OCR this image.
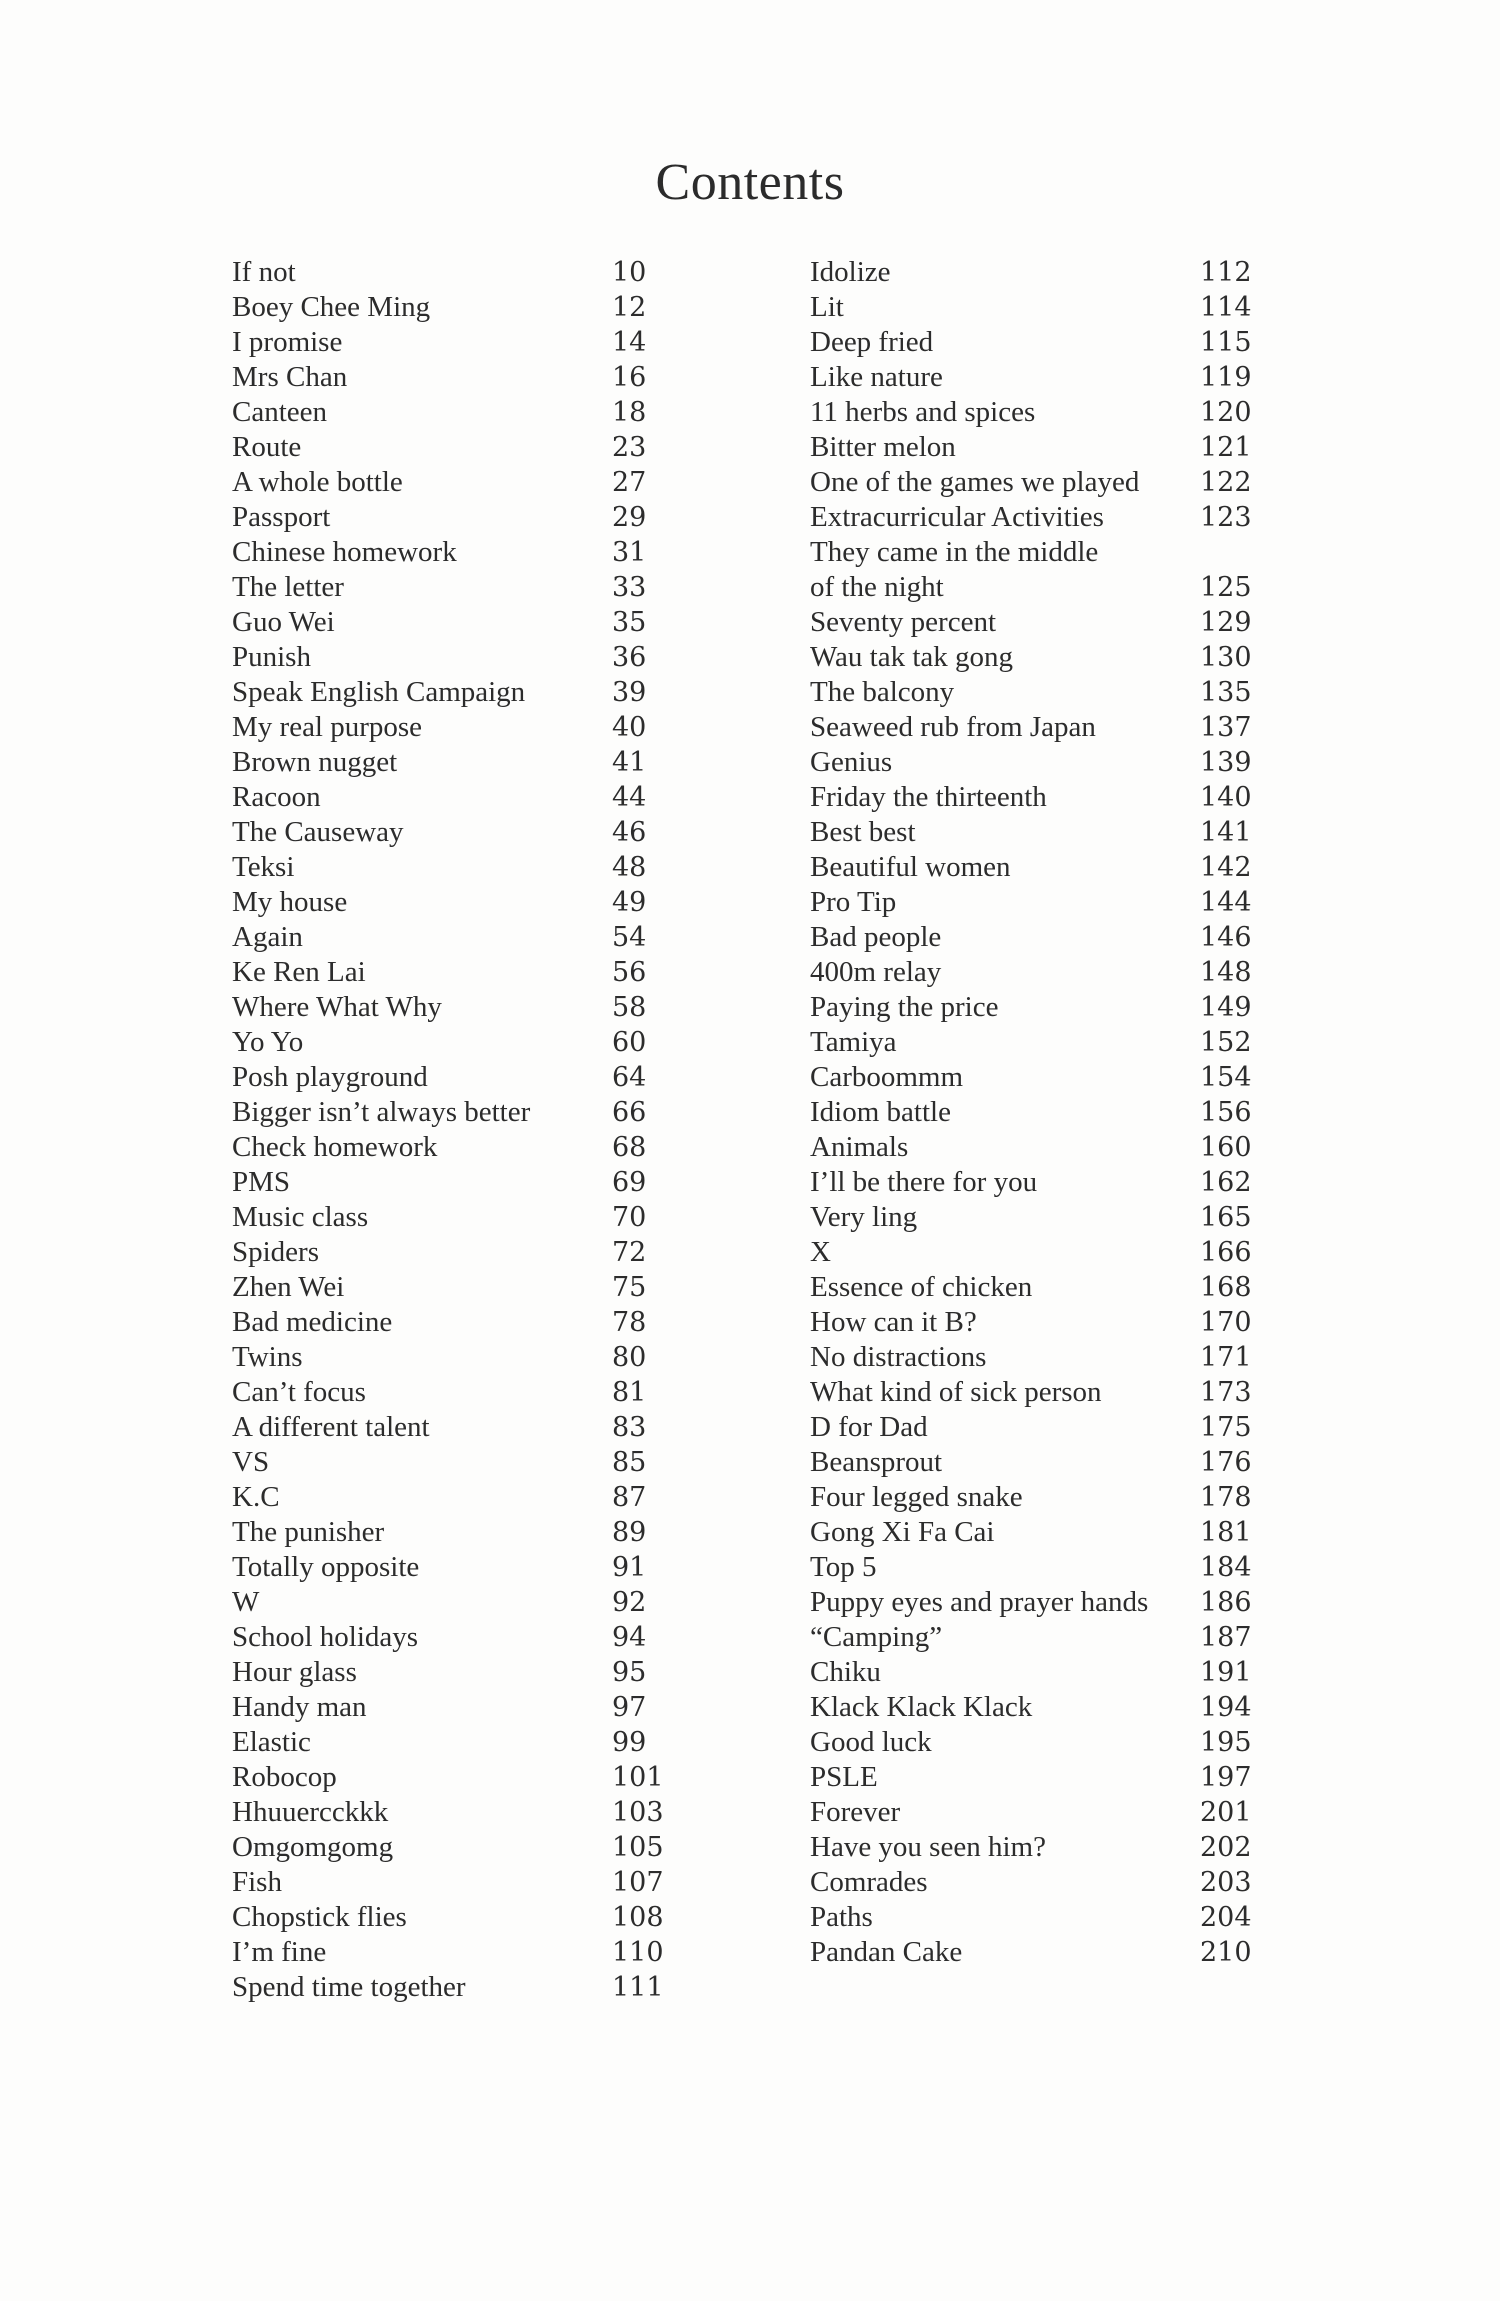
Contents
If not	10
Boey Chee Ming	12
I promise	14
Mrs Chan	16
Canteen	18
Route	23
A whole bottle	27
Passport	29
Chinese homework	31
The letter	33
Guo Wei	35
Punish	36
Speak English Campaign	39
My real purpose	40
Brown nugget	41
Racoon	44
The Causeway	46
Teksi	48
My house	49
Again	54
Ke Ren Lai	56
Where What Why	58
Yo Yo	60
Posh playground	64
Bigger isn’t always better	66
Check homework	68
PMS	69
Music class	70
Spiders	72
Zhen Wei	75
Bad medicine	78
Twins	80
Can’t focus	81
A different talent	83
VS	85
K.C	87
The punisher	89
Totally opposite	91
W	92
School holidays	94
Hour glass	95
Handy man	97
Elastic	99
Robocop	101
Hhuuercckkk	103
Omgomgomg	105
Fish	107
Chopstick flies	108
I’m fine	110
Spend time together	111
Idolize	112
Lit	114
Deep fried	115
Like nature	119
11 herbs and spices	120
Bitter melon	121
One of the games we played	122
Extracurricular Activities	123
They came in the middle
of the night	125
Seventy percent	129
Wau tak tak gong	130
The balcony	135
Seaweed rub from Japan	137
Genius	139
Friday the thirteenth	140
Best best	141
Beautiful women	142
Pro Tip	144
Bad people	146
400m relay	148
Paying the price	149
Tamiya	152
Carboommm	154
Idiom battle	156
Animals	160
I’ll be there for you	162
Very ling	165
X	166
Essence of chicken	168
How can it B?	170
No distractions	171
What kind of sick person	173
D for Dad	175
Beansprout	176
Four legged snake	178
Gong Xi Fa Cai	181
Top 5	184
Puppy eyes and prayer hands	186
“Camping”	187
Chiku	191
Klack Klack Klack	194
Good luck	195
PSLE	197
Forever	201
Have you seen him?	202
Comrades	203
Paths	204
Pandan Cake	210
